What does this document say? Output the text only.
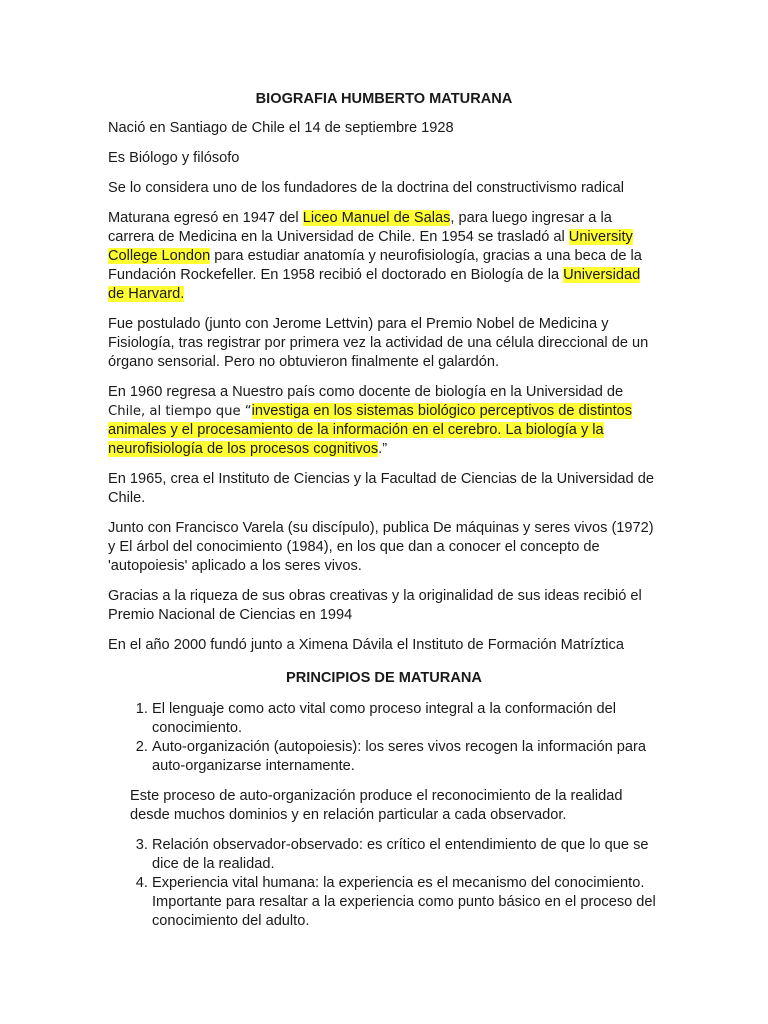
BIOGRAFIA HUMBERTO MATURANA

Nació en Santiago de Chile el 14 de septiembre 1928

Es Biólogo y filósofo

Se lo considera uno de los fundadores de la doctrina del constructivismo radical

Maturana egresó en 1947 del Liceo Manuel de Salas, para luego ingresar a la carrera de Medicina en la Universidad de Chile. En 1954 se trasladó al University College London para estudiar anatomía y neurofisiología, gracias a una beca de la Fundación Rockefeller. En 1958 recibió el doctorado en Biología de la Universidad de Harvard.

Fue postulado (junto con Jerome Lettvin) para el Premio Nobel de Medicina y Fisiología, tras registrar por primera vez la actividad de una célula direccional de un órgano sensorial. Pero no obtuvieron finalmente el galardón.

En 1960 regresa a Nuestro país como docente de biología en la Universidad de Chile, al tiempo que “investiga en los sistemas biológico perceptivos de distintos animales y el procesamiento de la información en el cerebro. La biología y la neurofisiología de los procesos cognitivos.”

En 1965, crea el Instituto de Ciencias y la Facultad de Ciencias de la Universidad de Chile.

Junto con Francisco Varela (su discípulo), publica De máquinas y seres vivos (1972) y El árbol del conocimiento (1984), en los que dan a conocer el concepto de 'autopoiesis' aplicado a los seres vivos.

Gracias a la riqueza de sus obras creativas y la originalidad de sus ideas recibió el Premio Nacional de Ciencias en 1994

En el año 2000 fundó junto a Ximena Dávila el Instituto de Formación Matríztica

PRINCIPIOS DE MATURANA
1. El lenguaje como acto vital como proceso integral a la conformación del conocimiento.
2. Auto-organización (autopoiesis): los seres vivos recogen la información para auto-organizarse internamente.

Este proceso de auto-organización produce el reconocimiento de la realidad desde muchos dominios y en relación particular a cada observador.

3. Relación observador-observado: es crítico el entendimiento de que lo que se dice de la realidad.
4. Experiencia vital humana: la experiencia es el mecanismo del conocimiento. Importante para resaltar a la experiencia como punto básico en el proceso del conocimiento del adulto.
